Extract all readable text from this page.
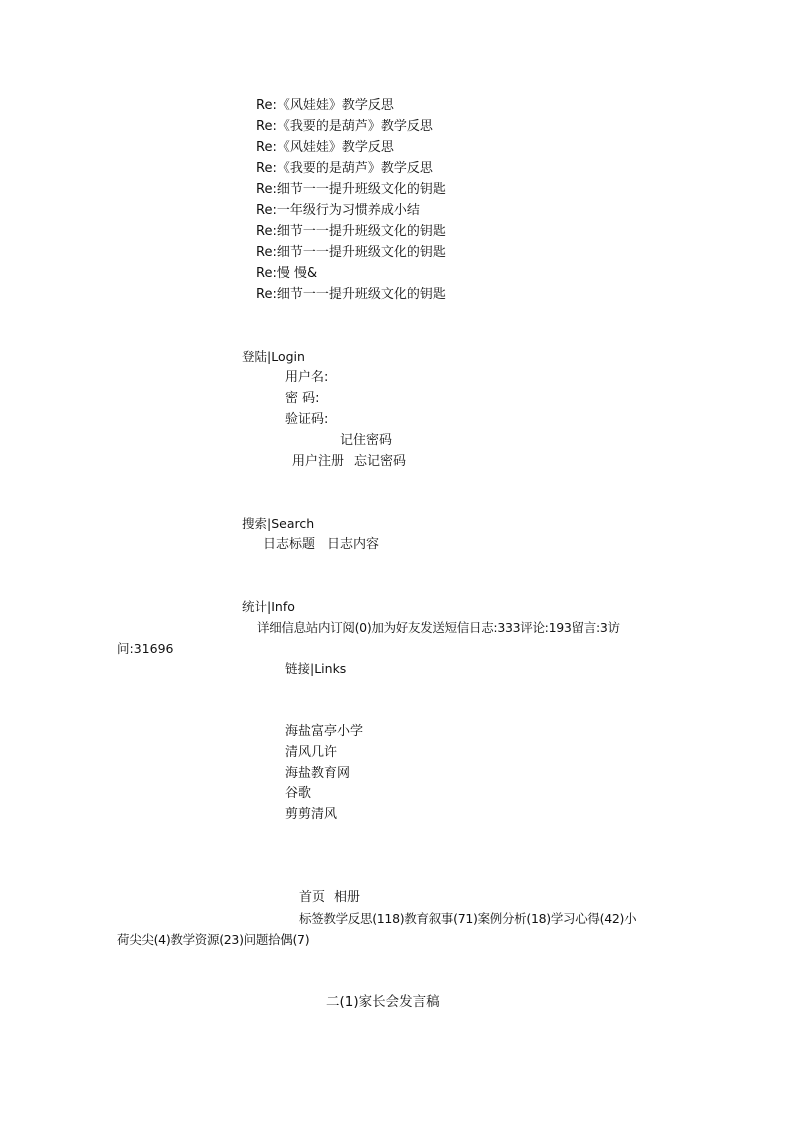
Re:《风娃娃》教学反思
Re:《我要的是葫芦》教学反思
Re:《风娃娃》教学反思
Re:《我要的是葫芦》教学反思
Re:细节一一提升班级文化的钥匙
Re:一年级行为习惯养成小结
Re:细节一一提升班级文化的钥匙
Re:细节一一提升班级文化的钥匙
Re:慢 慢&
Re:细节一一提升班级文化的钥匙
登陆|Login
用户名:
密 码:
验证码:
记住密码
用户注册 忘记密码
搜索|Search
日志标题 日志内容
统计|Info
详细信息站内订阅(0)加为好友发送短信日志:333评论:193留言:3访
问:31696
链接|Links
海盐富亭小学
清风几许
海盐教育网
谷歌
剪剪清风
首页 相册
标签教学反思(118)教育叙事(71)案例分析(18)学习心得(42)小
荷尖尖(4)教学资源(23)问题拾偶(7)
二(1)家长会发言稿
